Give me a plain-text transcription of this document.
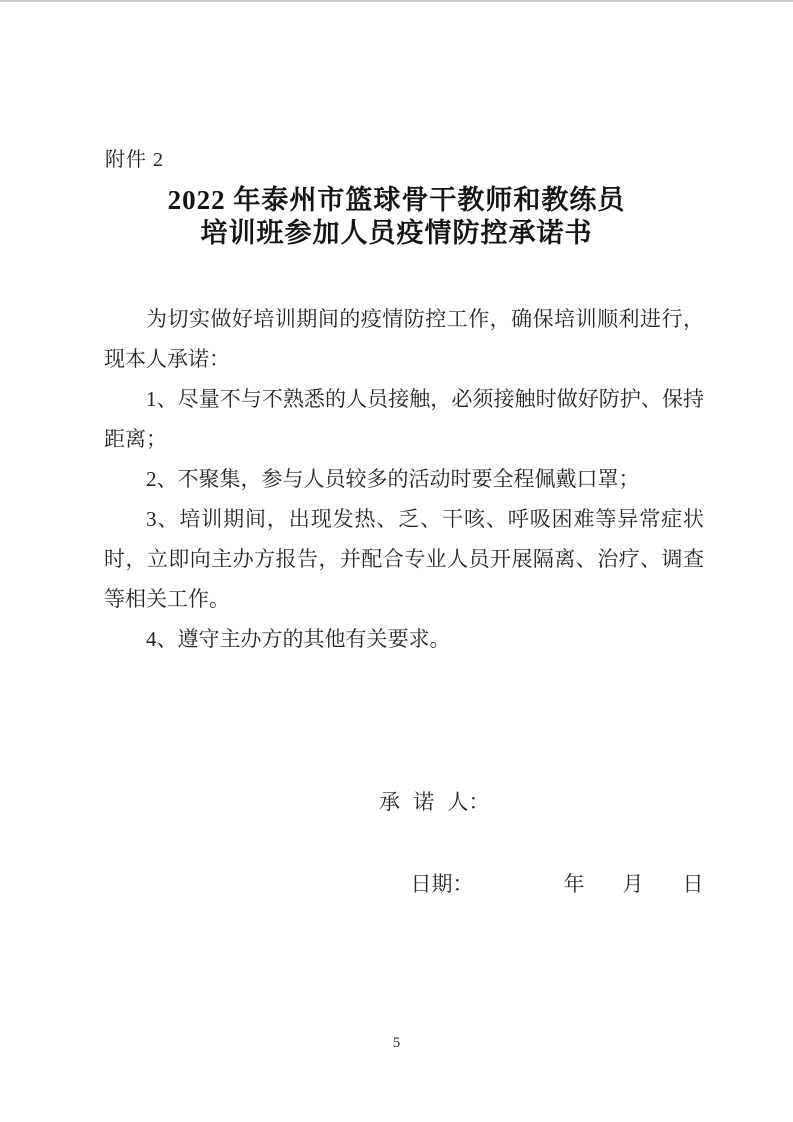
附件 2
2022 年泰州市篮球骨干教师和教练员
培训班参加人员疫情防控承诺书

为切实做好培训期间的疫情防控工作，确保培训顺利进行，现本人承诺：

1、尽量不与不熟悉的人员接触，必须接触时做好防护、保持距离；

2、不聚集，参与人员较多的活动时要全程佩戴口罩；

3、培训期间，出现发热、乏、干咳、呼吸困难等异常症状时，立即向主办方报告，并配合专业人员开展隔离、治疗、调查等相关工作。

4、遵守主办方的其他有关要求。

承 诺 人：

日期：	年 月 日

5
